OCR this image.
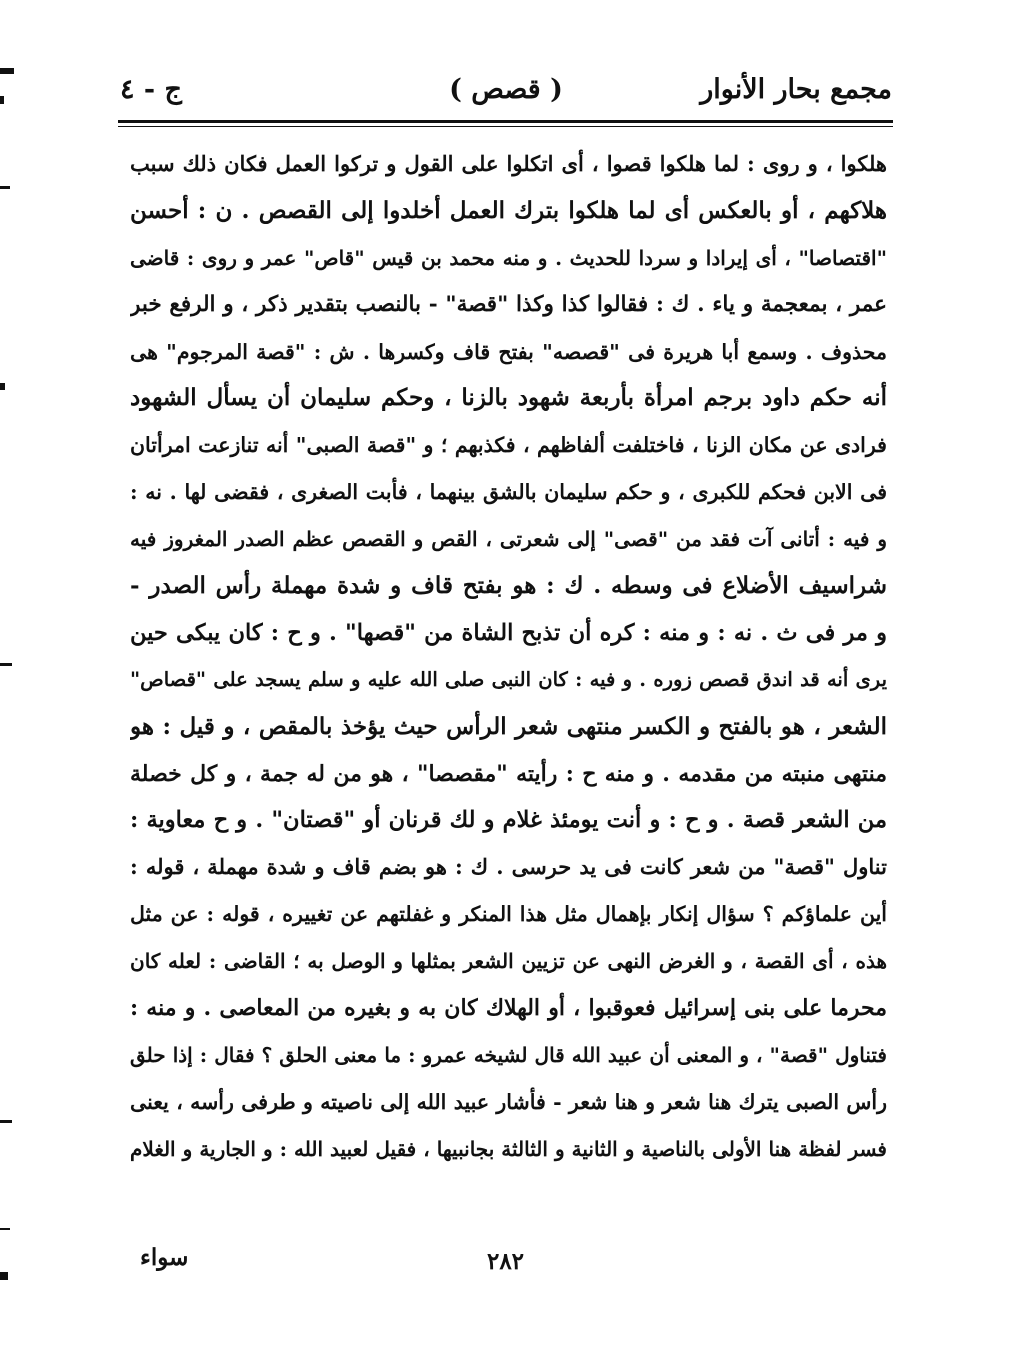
مجمع بحار الأنوار
( قصص )
ج - ٤
هلكوا ، و روى : لما هلكوا قصوا ، أى اتكلوا على القول و تركوا العمل فكان ذلك سبب
هلاكهم ، أو بالعكس أى لما هلكوا بترك العمل أخلدوا إلى القصص . ن : أحسن
"اقتصاصا" ، أى إيرادا و سردا للحديث . و منه محمد بن قيس "قاص" عمر و روى : قاضى
عمر ، بمعجمة و ياء . ك : فقالوا كذا وكذا "قصة" - بالنصب بتقدير ذكر ، و الرفع خبر
محذوف . وسمع أبا هريرة فى "قصصه" بفتح قاف وكسرها . ش : "قصة المرجوم" هى
أنه حكم داود برجم امرأة بأربعة شهود بالزنا ، وحكم سليمان أن يسأل الشهود
فرادى عن مكان الزنا ، فاختلفت ألفاظهم ، فكذبهم ؛ و "قصة الصبى" أنه تنازعت امرأتان
فى الابن فحكم للكبرى ، و حكم سليمان بالشق بينهما ، فأبت الصغرى ، فقضى لها . نه :
و فيه : أتانى آت فقد من "قصى" إلى شعرتى ، القص و القصص عظم الصدر المغروز فيه
شراسيف الأضلاع فى وسطه . ك : هو بفتح قاف و شدة مهملة رأس الصدر -
و مر فى ث . نه : و منه : كره أن تذبح الشاة من "قصها" . و ح : كان يبكى حين
يرى أنه قد اندق قصص زوره . و فيه : كان النبى صلى الله عليه و سلم يسجد على "قصاص"
الشعر ، هو بالفتح و الكسر منتهى شعر الرأس حيث يؤخذ بالمقص ، و قيل : هو
منتهى منبته من مقدمه . و منه ح : رأيته "مقصصا" ، هو من له جمة ، و كل خصلة
من الشعر قصة . و ح : و أنت يومئذ غلام و لك قرنان أو "قصتان" . و ح معاوية :
تناول "قصة" من شعر كانت فى يد حرسى . ك : هو بضم قاف و شدة مهملة ، قوله :
أين علماؤكم ؟ سؤال إنكار بإهمال مثل هذا المنكر و غفلتهم عن تغييره ، قوله : عن مثل
هذه ، أى القصة ، و الغرض النهى عن تزيين الشعر بمثلها و الوصل به ؛ القاضى : لعله كان
محرما على بنى إسرائيل فعوقبوا ، أو الهلاك كان به و بغيره من المعاصى . و منه :
فتناول "قصة" ، و المعنى أن عبيد الله قال لشيخه عمرو : ما معنى الحلق ؟ فقال : إذا حلق
رأس الصبى يترك هنا شعر و هنا شعر - فأشار عبيد الله إلى ناصيته و طرفى رأسه ، يعنى
فسر لفظة هنا الأولى بالناصية و الثانية و الثالثة بجانبيها ، فقيل لعبيد الله : و الجارية و الغلام
سواء	٢٨٢
